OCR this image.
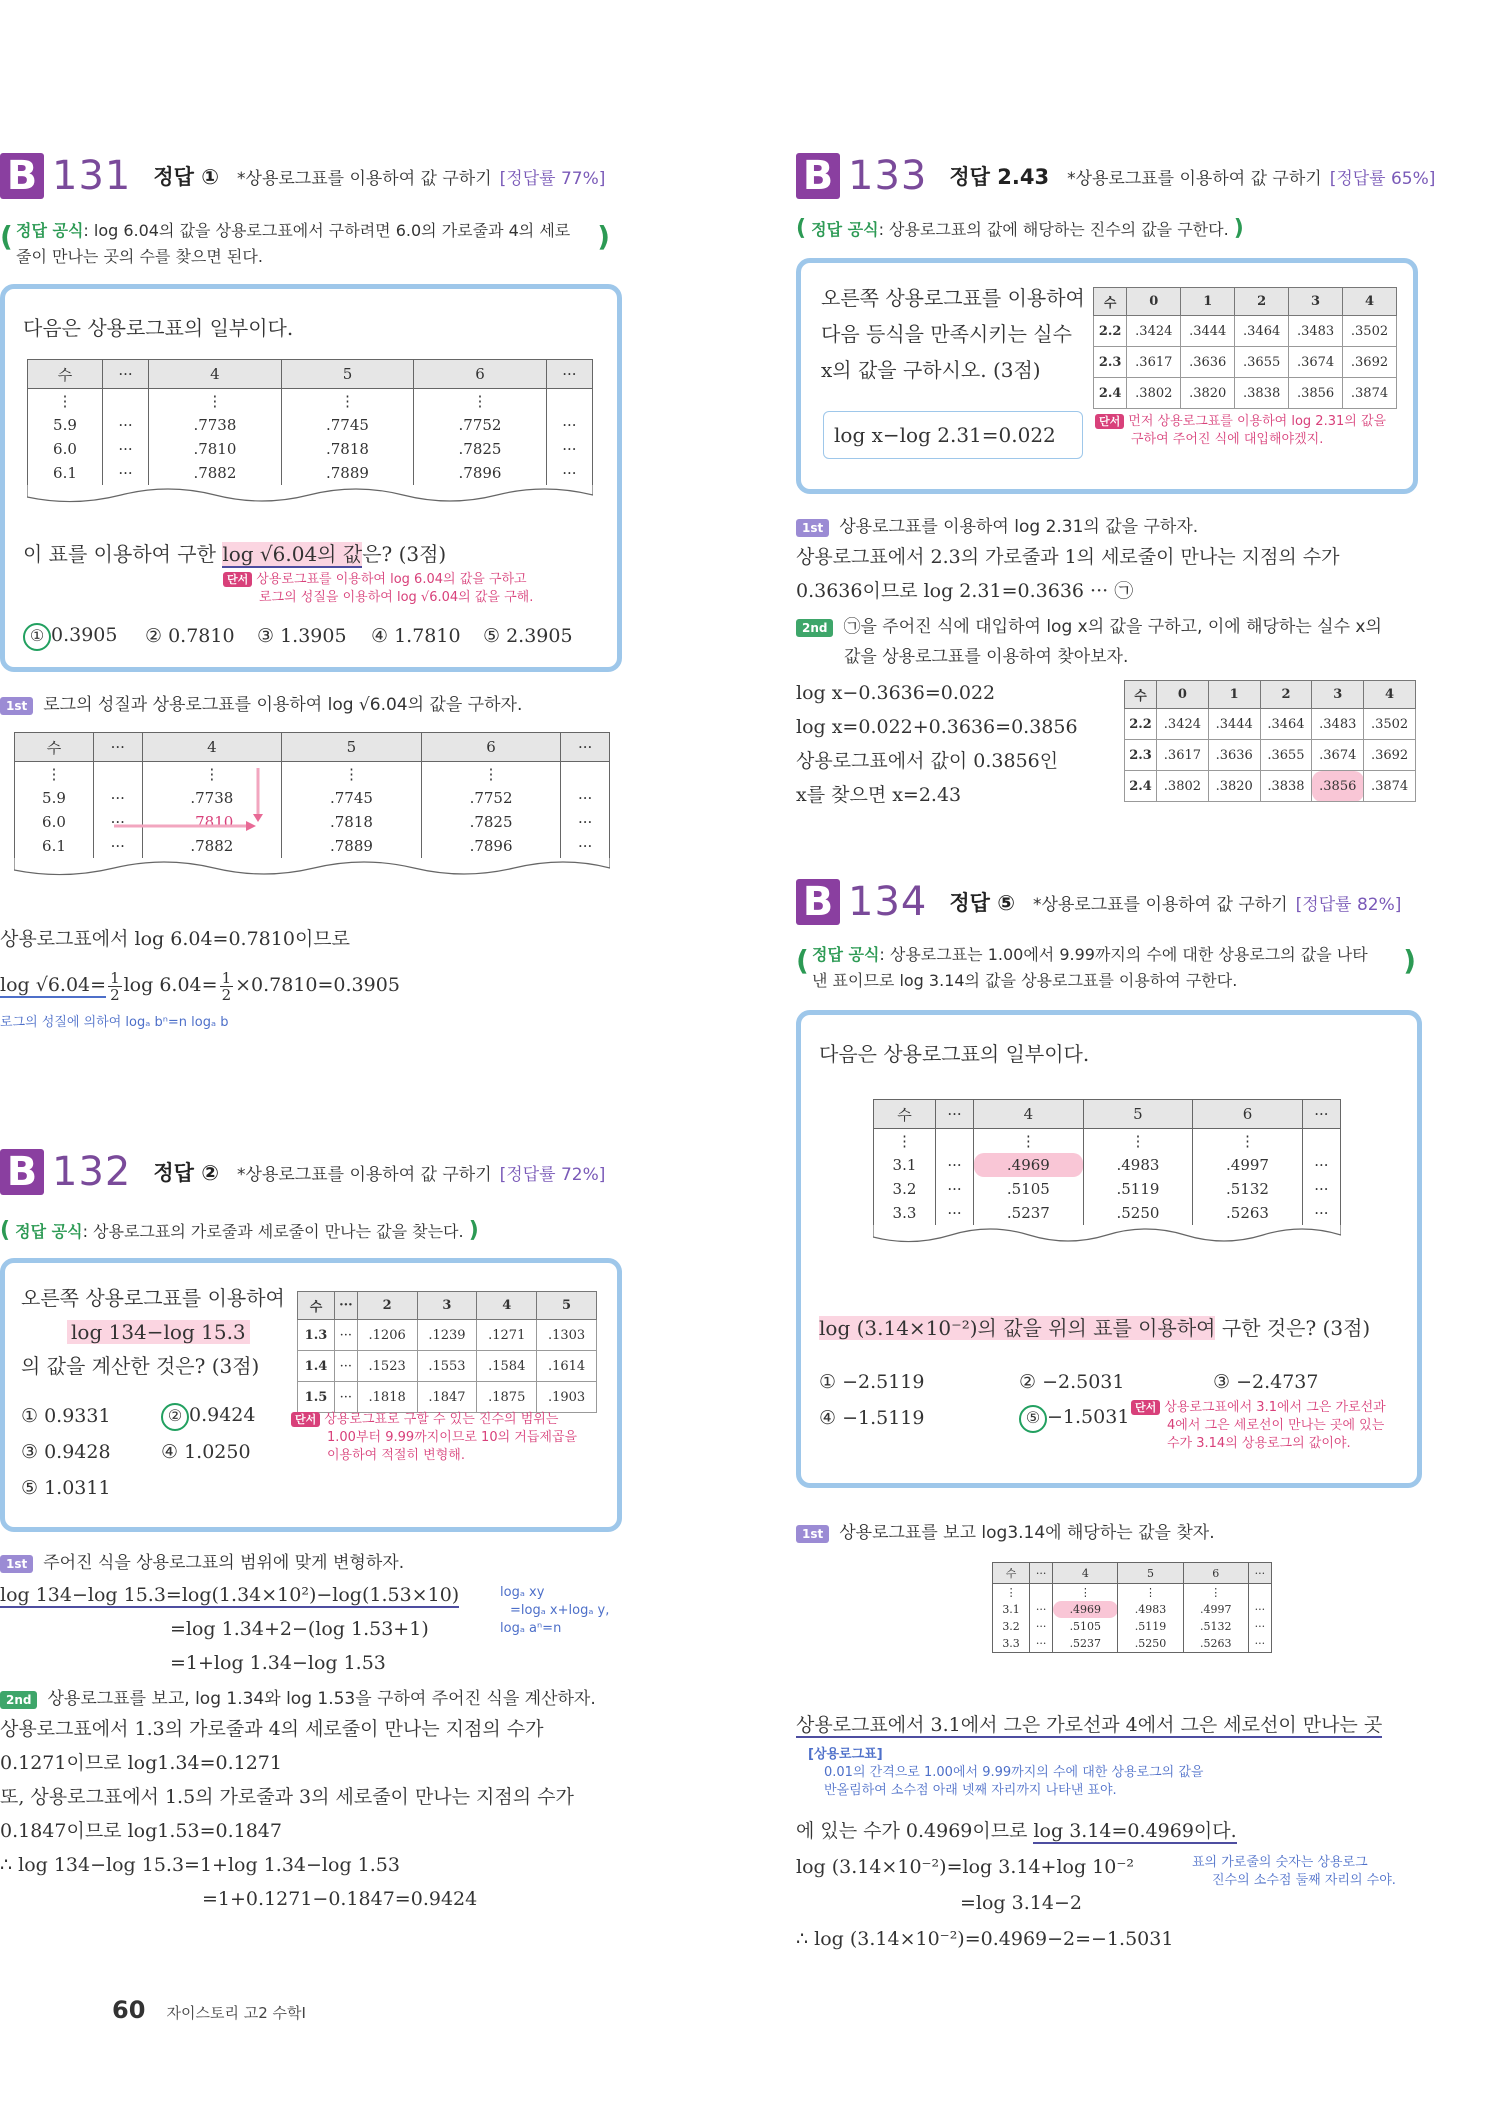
B 131 정답 ① *상용로그표를 이용하여 값 구하기 [정답률 77%]
( 정답 공식: log 6.04의 값을 상용로그표에서 구하려면 6.0의 가로줄과 4의 세로
줄이 만나는 곳의 수를 찾으면 된다.
)
다음은 상용로그표의 일부이다.
수	···	4	5	6	···
⋮		⋮	⋮	⋮	
5.9	···	.7738	.7745	.7752	···
6.0	···	.7810	.7818	.7825	···
6.1	···	.7882	.7889	.7896	···
이 표를 이용하여 구한 log √6.04의 값은? (3점)
단서 상용로그표를 이용하여 log 6.04의 값을 구하고
로그의 성질을 이용하여 log √6.04의 값을 구해.
① 0.3905 ② 0.7810 ③ 1.3905 ④ 1.7810 ⑤ 2.3905
1st 로그의 성질과 상용로그표를 이용하여 log √6.04의 값을 구하자.
수	···	4	5	6	···
⋮		⋮	⋮	⋮	
5.9	···	.7738	.7745	.7752	···
6.0	···	.7810	.7818	.7825	···
6.1	···	.7882	.7889	.7896	···
상용로그표에서 log 6.04=0.7810이므로
$\log √6.04= \frac{1}{2}$ $\log 6.04= \frac{1}{2} \times 0.7810=0.3905$
로그의 성질에 의하여 logₐ bⁿ=n logₐ b
B 132 정답 ② *상용로그표를 이용하여 값 구하기 [정답률 72%]
( 정답 공식: 상용로그표의 가로줄과 세로줄이 만나는 값을 찾는다. )
오른쪽 상용로그표를 이용하여
log 134−log 15.3
의 값을 계산한 것은? (3점)
수	···	2	3	4	5
1.3	···	.1206	.1239	.1271	.1303
1.4	···	.1523	.1553	.1584	.1614
1.5	···	.1818	.1847	.1875	.1903
① 0.9331	② 0.9424
③ 0.9428	④ 1.0250
⑤ 1.0311
단서 상용로그표로 구할 수 있는 진수의 범위는
1.00부터 9.99까지이므로 10의 거듭제곱을
이용하여 적절히 변형해.
1st 주어진 식을 상용로그표의 범위에 맞게 변형하자.
log 134−log 15.3=log(1.34×10²)−log(1.53×10)
=log 1.34+2−(log 1.53+1)
=1+log 1.34−log 1.53
logₐ xy
=logₐ x+logₐ y,
logₐ aⁿ=n
2nd 상용로그표를 보고, log 1.34와 log 1.53을 구하여 주어진 식을 계산하자.
상용로그표에서 1.3의 가로줄과 4의 세로줄이 만나는 지점의 수가
0.1271이므로 log1.34=0.1271
또, 상용로그표에서 1.5의 가로줄과 3의 세로줄이 만나는 지점의 수가
0.1847이므로 log1.53=0.1847
∴ log 134−log 15.3=1+log 1.34−log 1.53
=1+0.1271−0.1847=0.9424
B 133 정답 2.43 *상용로그표를 이용하여 값 구하기 [정답률 65%]
( 정답 공식: 상용로그표의 값에 해당하는 진수의 값을 구한다. )
오른쪽 상용로그표를 이용하여
다음 등식을 만족시키는 실수
x의 값을 구하시오. (3점)
수	0	1	2	3	4
2.2	.3424	.3444	.3464	.3483	.3502
2.3	.3617	.3636	.3655	.3674	.3692
2.4	.3802	.3820	.3838	.3856	.3874
log x−log 2.31=0.022
단서 먼저 상용로그표를 이용하여 log 2.31의 값을
구하여 주어진 식에 대입해야겠지.
1st 상용로그표를 이용하여 log 2.31의 값을 구하자.
상용로그표에서 2.3의 가로줄과 1의 세로줄이 만나는 지점의 수가
0.3636이므로 log 2.31=0.3636 ··· ㉠
2nd ㉠을 주어진 식에 대입하여 log x의 값을 구하고, 이에 해당하는 실수 x의
값을 상용로그표를 이용하여 찾아보자.
log x−0.3636=0.022
log x=0.022+0.3636=0.3856
상용로그표에서 값이 0.3856인
x를 찾으면 x=2.43
수	0	1	2	3	4
2.2	.3424	.3444	.3464	.3483	.3502
2.3	.3617	.3636	.3655	.3674	.3692
2.4	.3802	.3820	.3838	.3856	.3874
B 134 정답 ⑤ *상용로그표를 이용하여 값 구하기 [정답률 82%]
( 정답 공식: 상용로그표는 1.00에서 9.99까지의 수에 대한 상용로그의 값을 나타
낸 표이므로 log 3.14의 값을 상용로그표를 이용하여 구한다.
)
다음은 상용로그표의 일부이다.
수	···	4	5	6	···
⋮		⋮	⋮	⋮	
3.1	···	.4969	.4983	.4997	···
3.2	···	.5105	.5119	.5132	···
3.3	···	.5237	.5250	.5263	···
log (3.14×10⁻²)의 값을 위의 표를 이용하여 구한 것은? (3점)
① −2.5119	② −2.5031	③ −2.4737
④ −1.5119	⑤ −1.5031 단서 상용로그표에서 3.1에서 그은 가로선과
4에서 그은 세로선이 만나는 곳에 있는
수가 3.14의 상용로그의 값이야.
1st 상용로그표를 보고 log3.14에 해당하는 값을 찾자.
수	···	4	5	6	···
⋮		⋮	⋮	⋮	
3.1	···	.4969	.4983	.4997	···
3.2	···	.5105	.5119	.5132	···
3.3	···	.5237	.5250	.5263	···
상용로그표에서 3.1에서 그은 가로선과 4에서 그은 세로선이 만나는 곳
[상용로그표]
0.01의 간격으로 1.00에서 9.99까지의 수에 대한 상용로그의 값을
반올림하여 소수점 아래 넷째 자리까지 나타낸 표야.
에 있는 수가 0.4969이므로 log 3.14=0.4969이다.
log (3.14×10⁻²)=log 3.14+log 10⁻²	표의 가로줄의 숫자는 상용로그
진수의 소수점 둘째 자리의 수야.
=log 3.14−2
∴ log (3.14×10⁻²)=0.4969−2=−1.5031
60 자이스토리 고2 수학Ⅰ
